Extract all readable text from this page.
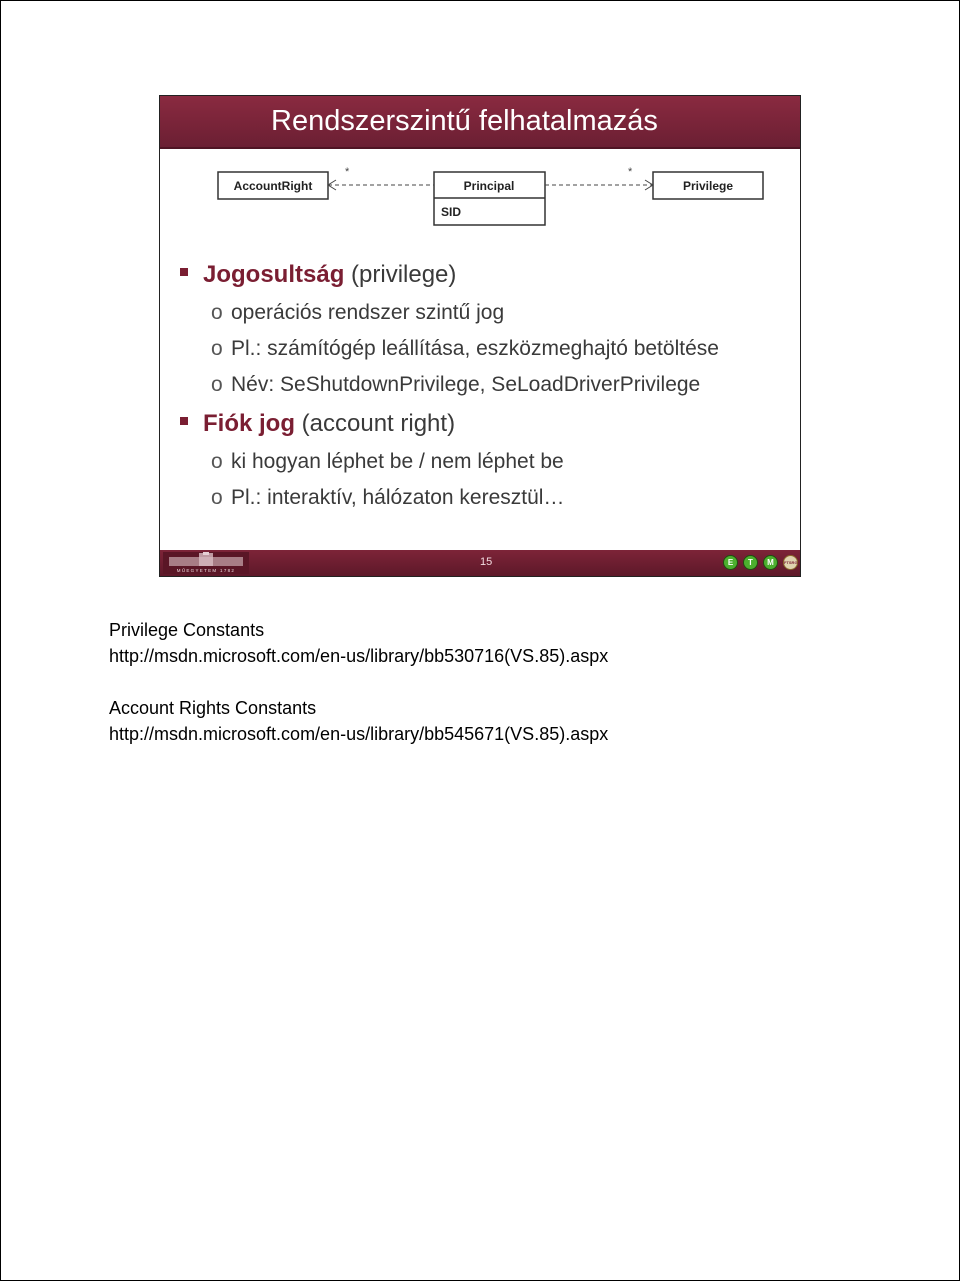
Rendszerszintű felhatalmazás
AccountRight	Principal
SID
Privilege
*	*
Jogosultság (privilege)
o operációs rendszer szintű jog
o Pl.: számítógép leállítása, eszközmeghajtó betöltése
o Név: SeShutdownPrivilege, SeLoadDriverPrivilege
Fiók jog (account right)
o ki hogyan léphet be / nem léphet be
o Pl.: interaktív, hálózaton keresztül…
MŰEGYETEM 1782
15	E	T	M	FTSRG
Privilege Constants
http://msdn.microsoft.com/en-us/library/bb530716(VS.85).aspx
Account Rights Constants
http://msdn.microsoft.com/en-us/library/bb545671(VS.85).aspx
